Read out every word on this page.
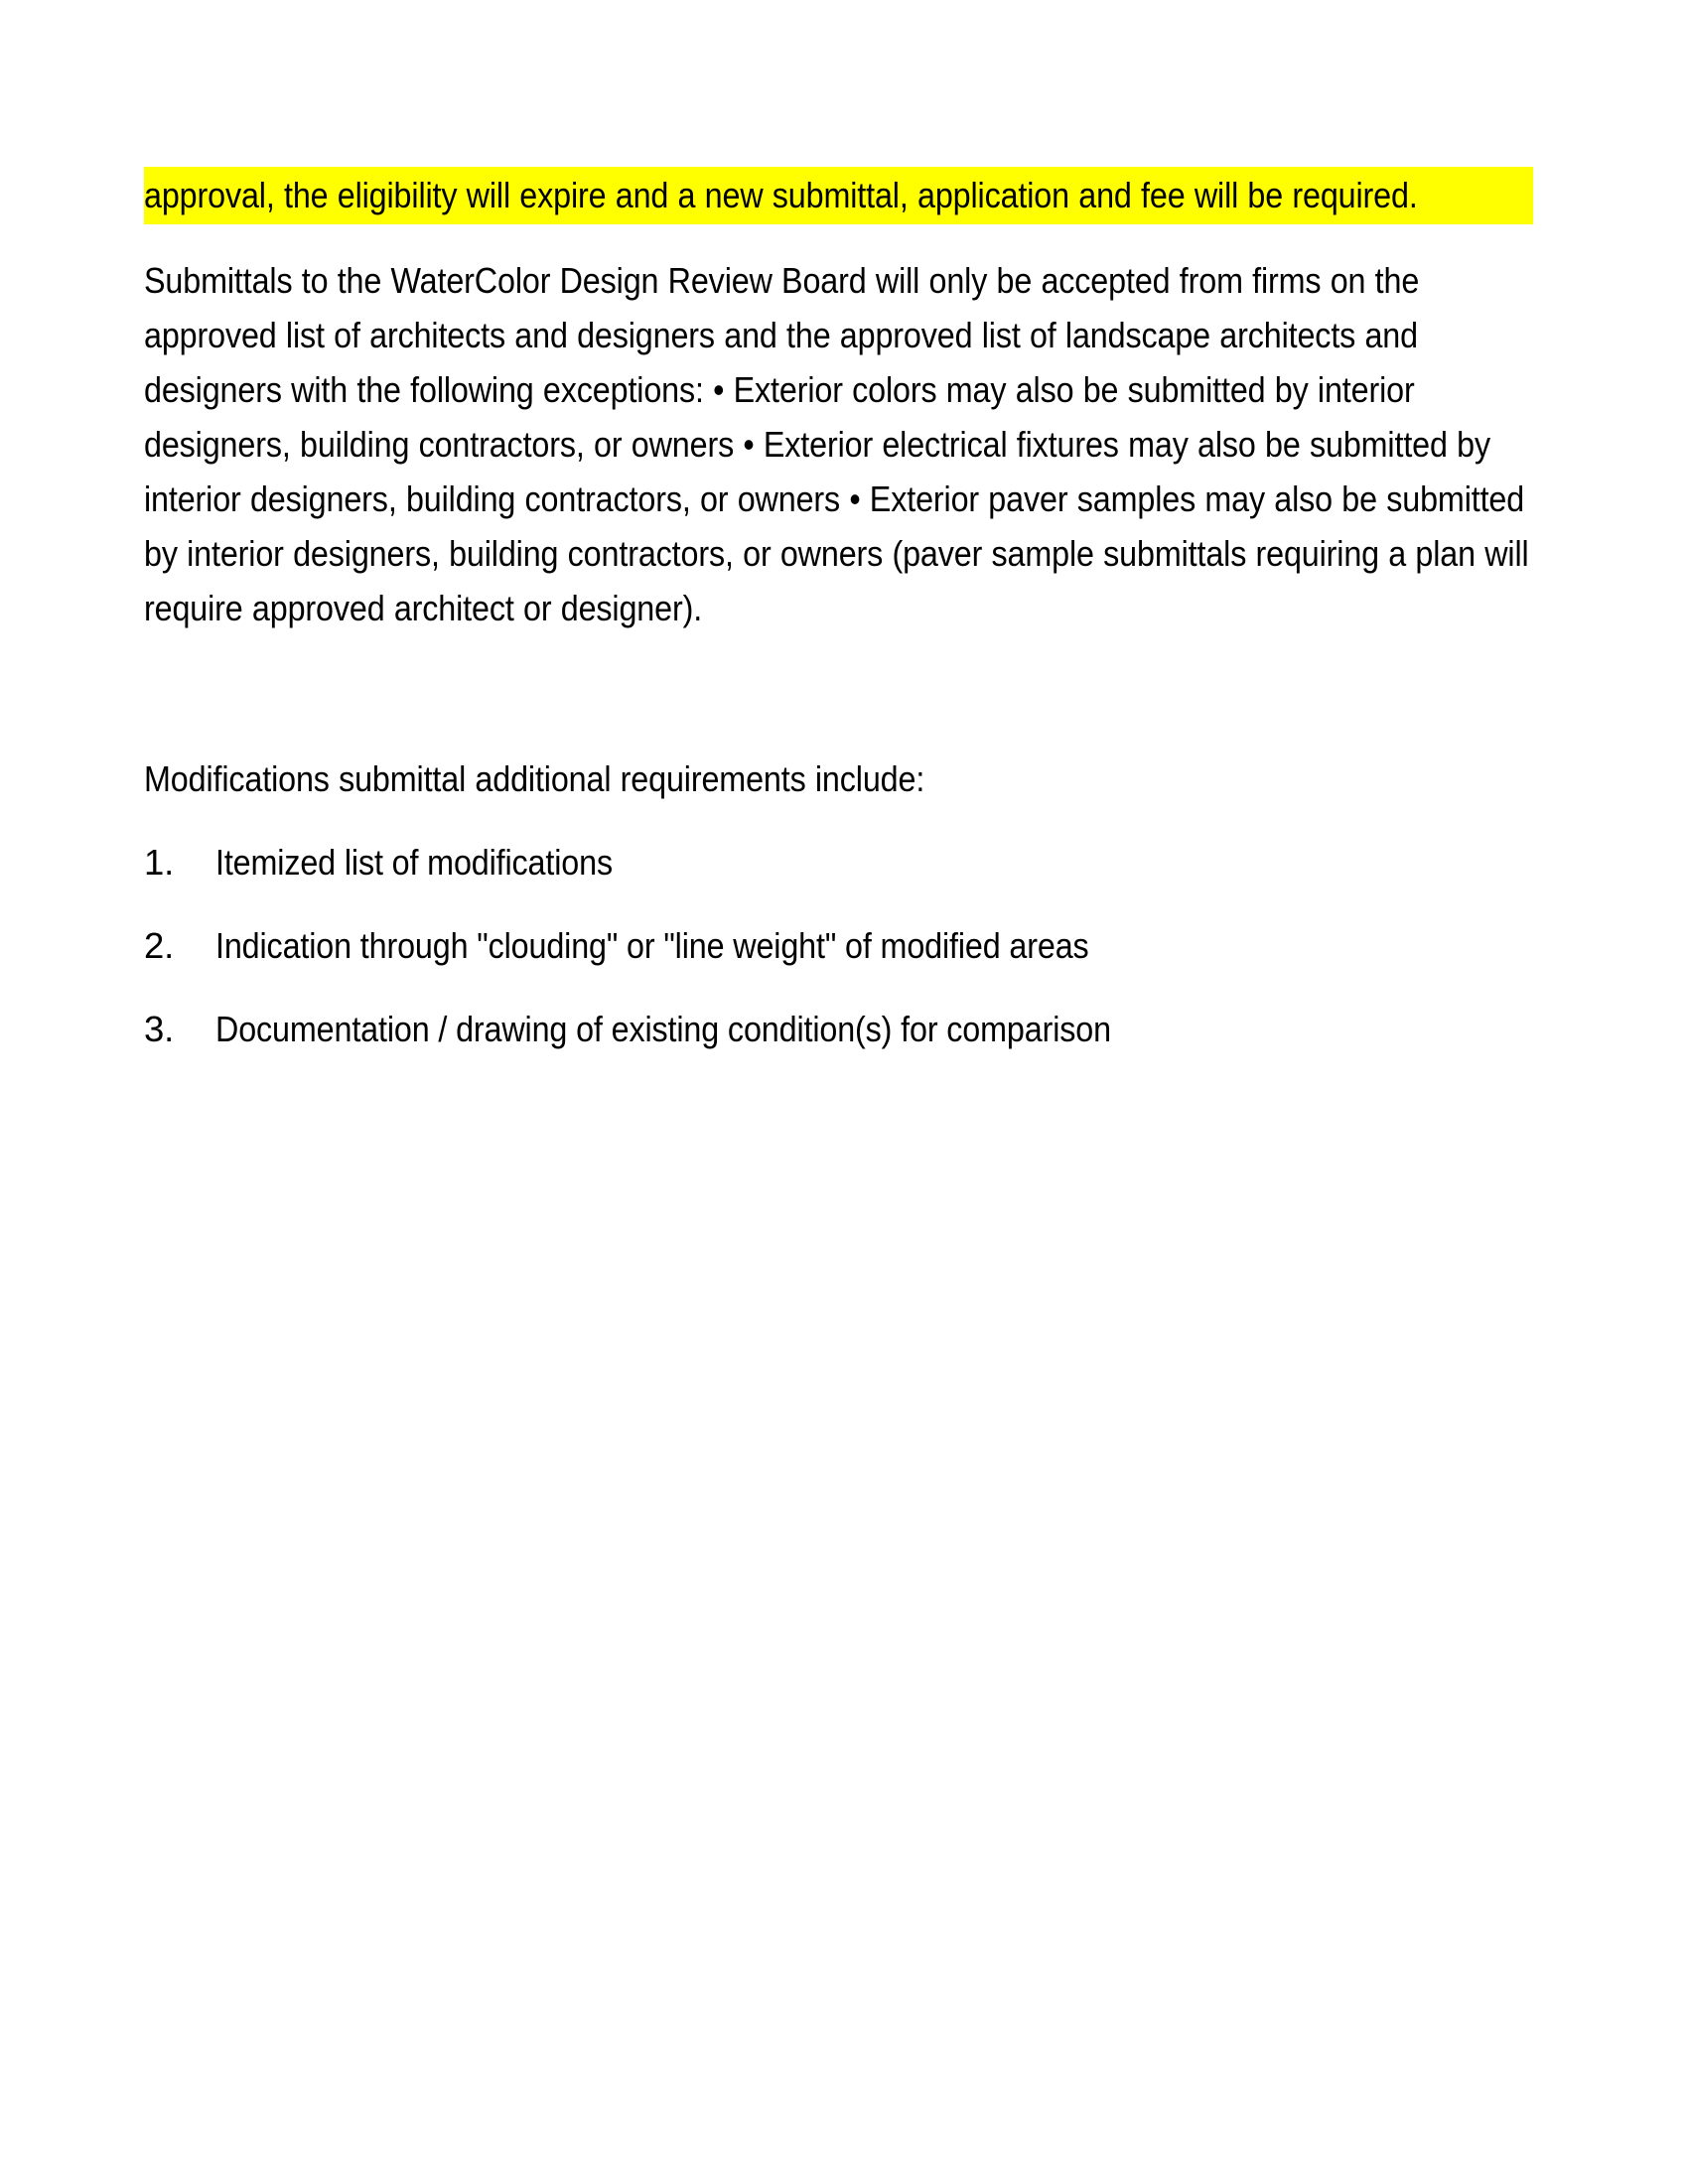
approval, the eligibility will expire and a new submittal, application and fee will be required.

Submittals to the WaterColor Design Review Board will only be accepted from firms on the approved list of architects and designers and the approved list of landscape architects and designers with the following exceptions: • Exterior colors may also be submitted by interior designers, building contractors, or owners • Exterior electrical fixtures may also be submitted by interior designers, building contractors, or owners • Exterior paver samples may also be submitted by interior designers, building contractors, or owners (paver sample submittals requiring a plan will require approved architect or designer).

Modifications submittal additional requirements include:

1.	Itemized list of modifications
2.	Indication through "clouding" or "line weight" of modified areas
3.	Documentation / drawing of existing condition(s) for comparison
